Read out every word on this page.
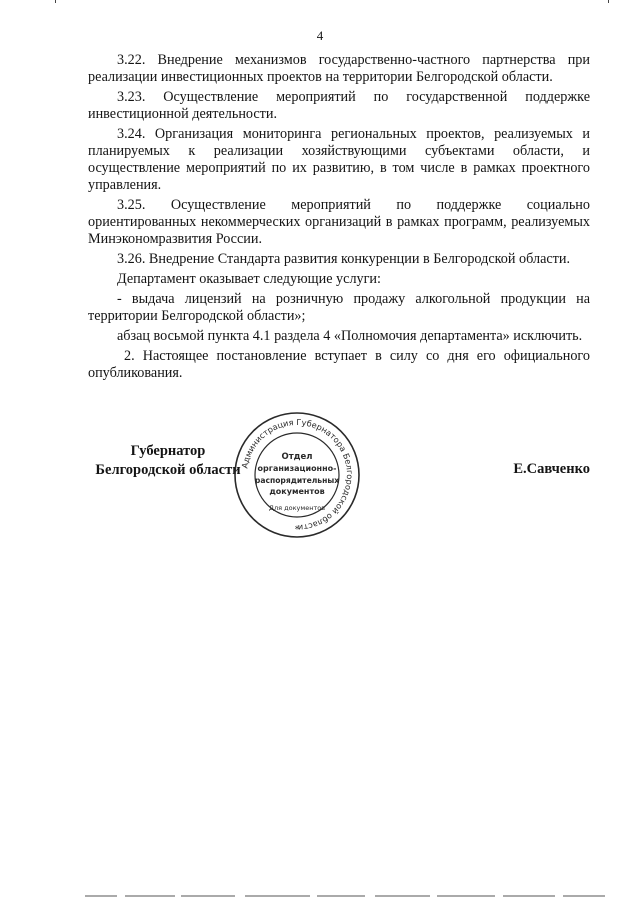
4

3.22. Внедрение механизмов государственно-частного партнерства при реализации инвестиционных проектов на территории Белгородской области.

3.23. Осуществление мероприятий по государственной поддержке инвестиционной деятельности.

3.24. Организация мониторинга региональных проектов, реализуемых и планируемых к реализации хозяйствующими субъектами области, и осуществление мероприятий по их развитию, в том числе в рамках проектного управления.

3.25. Осуществление мероприятий по поддержке социально ориентированных некоммерческих организаций в рамках программ, реализуемых Минэкономразвития России.

3.26. Внедрение Стандарта развития конкуренции в Белгородской области.

Департамент оказывает следующие услуги:

- выдача лицензий на розничную продажу алкогольной продукции на территории Белгородской области»;

абзац восьмой пункта 4.1 раздела 4 «Полномочия департамента» исключить.

2. Настоящее постановление вступает в силу со дня его официального опубликования.

Губернатор
Белгородской области
Администрация Губернатора Белгородской области
Отдел
организационно-
распорядительных
документов
Для документов
*
Е.Савченко
